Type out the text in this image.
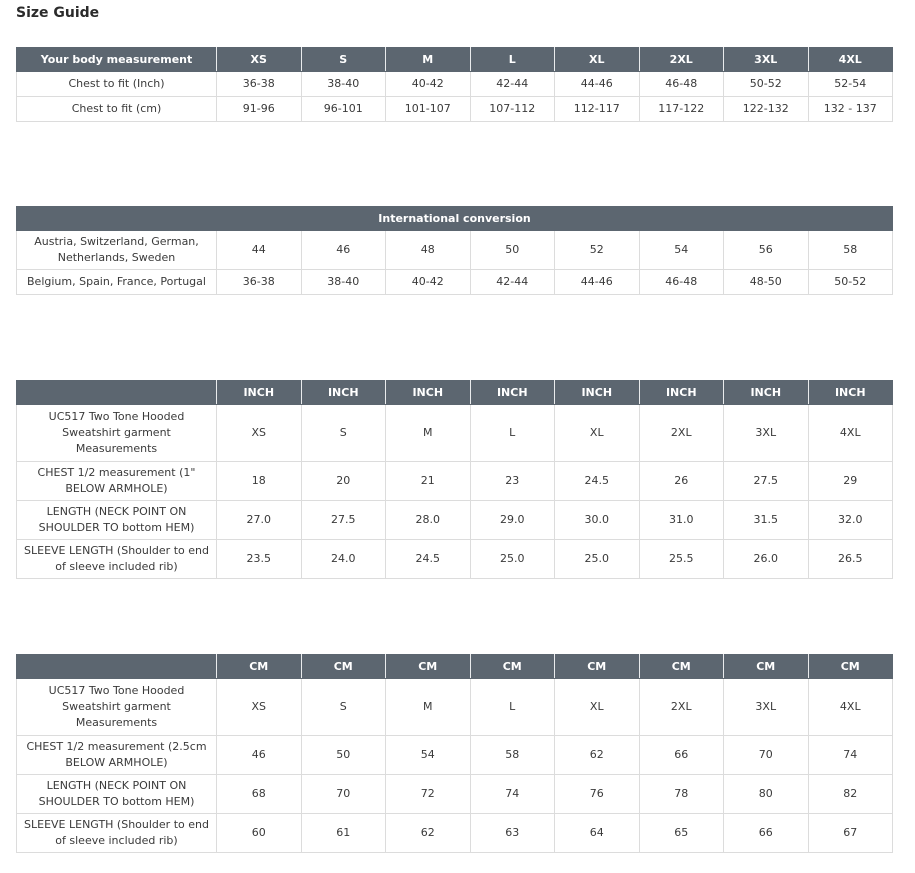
Size Guide
Your body measurement	XS	S	M	L	XL	2XL	3XL	4XL
Chest to fit (Inch)	36-38	38-40	40-42	42-44	44-46	46-48	50-52	52-54
Chest to fit (cm)	91-96	96-101	101-107	107-112	112-117	117-122	122-132	132 - 137
International conversion								
Austria, Switzerland, German, Netherlands, Sweden	44	46	48	50	52	54	56	58
Belgium, Spain, France, Portugal	36-38	38-40	40-42	42-44	44-46	46-48	48-50	50-52
	INCH	INCH	INCH	INCH	INCH	INCH	INCH	INCH
UC517 Two Tone Hooded Sweatshirt garment Measurements	XS	S	M	L	XL	2XL	3XL	4XL
CHEST 1/2 measurement (1" BELOW ARMHOLE)	18	20	21	23	24.5	26	27.5	29
LENGTH (NECK POINT ON SHOULDER TO bottom HEM)	27.0	27.5	28.0	29.0	30.0	31.0	31.5	32.0
SLEEVE LENGTH (Shoulder to end of sleeve included rib)	23.5	24.0	24.5	25.0	25.0	25.5	26.0	26.5
	CM	CM	CM	CM	CM	CM	CM	CM
UC517 Two Tone Hooded Sweatshirt garment Measurements	XS	S	M	L	XL	2XL	3XL	4XL
CHEST 1/2 measurement (2.5cm BELOW ARMHOLE)	46	50	54	58	62	66	70	74
LENGTH (NECK POINT ON SHOULDER TO bottom HEM)	68	70	72	74	76	78	80	82
SLEEVE LENGTH (Shoulder to end of sleeve included rib)	60	61	62	63	64	65	66	67
